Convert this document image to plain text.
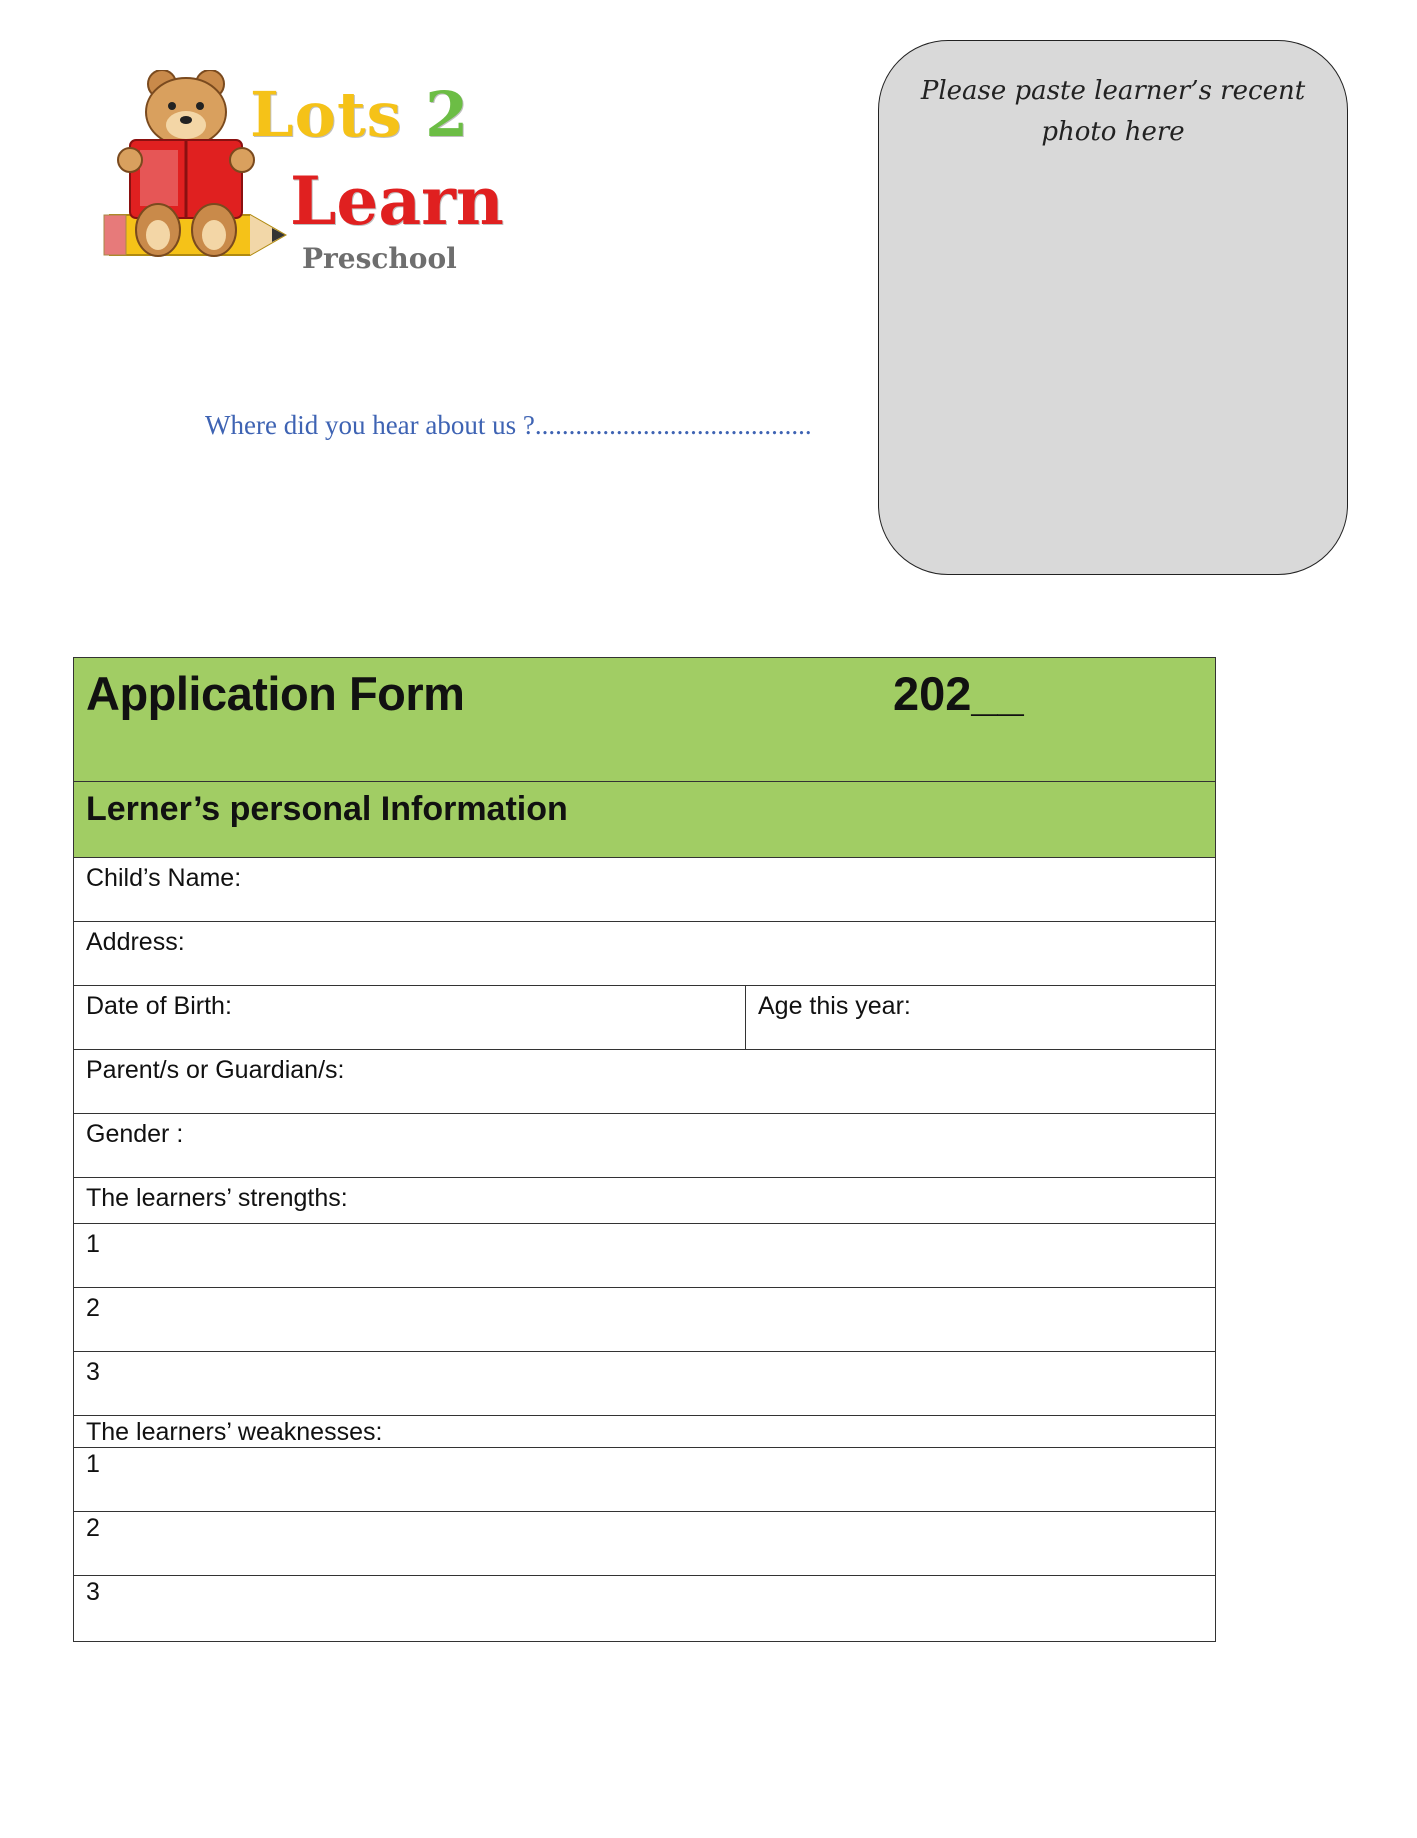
Lots 2
Learn
Preschool
Where did you hear about us ?.........................................
Please paste learner’s recent
photo here
Application Form	202__

Lerner’s personal Information
Child’s Name:
Address:
Date of Birth:	Age this year:
Parent/s or Guardian/s:
Gender :
The learners’ strengths:
1
2
3
The learners’ weaknesses:
1
2
3
